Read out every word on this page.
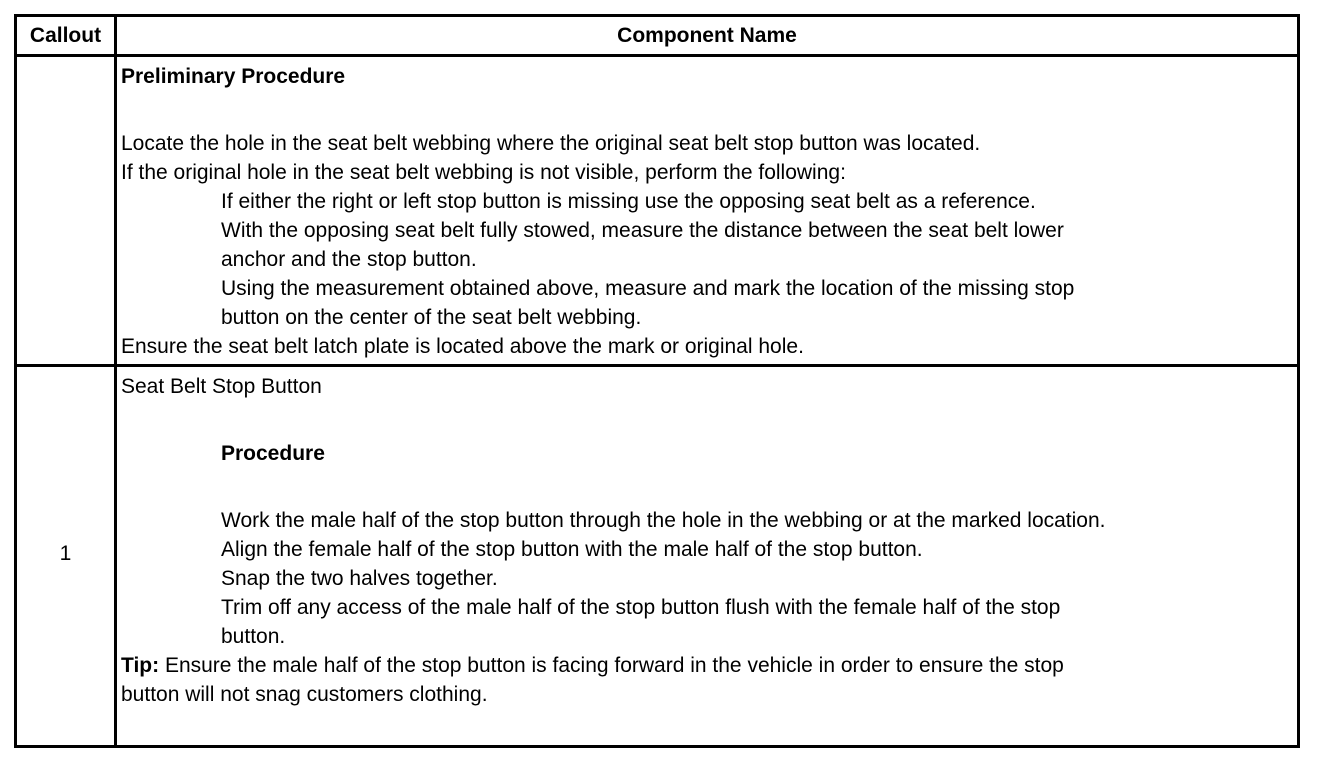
Callout	Component Name
Preliminary Procedure
Locate the hole in the seat belt webbing where the original seat belt stop button was located.
If the original hole in the seat belt webbing is not visible, perform the following:
If either the right or left stop button is missing use the opposing seat belt as a reference.
With the opposing seat belt fully stowed, measure the distance between the seat belt lower
anchor and the stop button.
Using the measurement obtained above, measure and mark the location of the missing stop
button on the center of the seat belt webbing.
Ensure the seat belt latch plate is located above the mark or original hole.
1
Seat Belt Stop Button
Procedure
Work the male half of the stop button through the hole in the webbing or at the marked location.
Align the female half of the stop button with the male half of the stop button.
Snap the two halves together.
Trim off any access of the male half of the stop button flush with the female half of the stop
button.
Tip: Ensure the male half of the stop button is facing forward in the vehicle in order to ensure the stop
button will not snag customers clothing.
